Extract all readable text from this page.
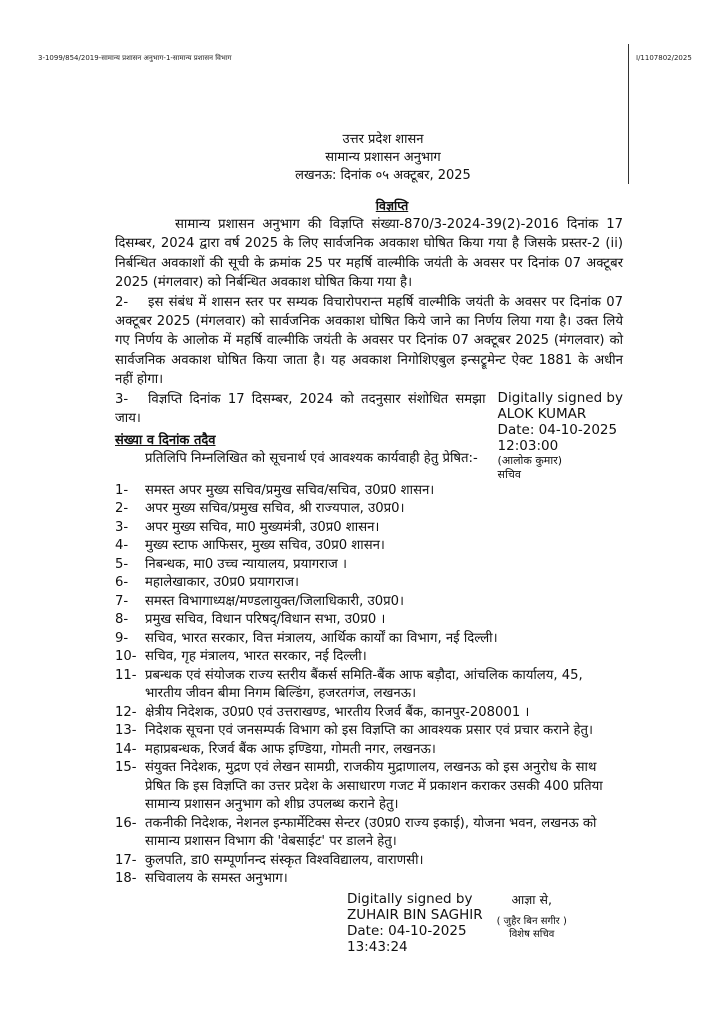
3-1099/854/2019-सामान्य प्रशासन अनुभाग-1-सामान्य प्रशासन विभाग	I/1107802/2025
उत्तर प्रदेश शासन
सामान्य प्रशासन अनुभाग
लखनऊ: दिनांक ०५ अक्टूबर, 2025
विज्ञप्ति
सामान्य प्रशासन अनुभाग की विज्ञप्ति संख्या-870/3-2024-39(2)-2016 दिनांक 17 दिसम्बर, 2024 द्वारा वर्ष 2025 के लिए सार्वजनिक अवकाश घोषित किया गया है जिसके प्रस्तर-2 (ii) निर्बन्धित अवकाशों की सूची के क्रमांक 25 पर महर्षि वाल्मीकि जयंती के अवसर पर दिनांक 07 अक्टूबर 2025 (मंगलवार) को निर्बन्धित अवकाश घोषित किया गया है।
2- इस संबंध में शासन स्तर पर सम्यक विचारोपरान्त महर्षि वाल्मीकि जयंती के अवसर पर दिनांक 07 अक्टूबर 2025 (मंगलवार) को सार्वजनिक अवकाश घोषित किये जाने का निर्णय लिया गया है। उक्त लिये गए निर्णय के आलोक में महर्षि वाल्मीकि जयंती के अवसर पर दिनांक 07 अक्टूबर 2025 (मंगलवार) को सार्वजनिक अवकाश घोषित किया जाता है। यह अवकाश निगोशिएबुल इन्सट्रूमेन्ट ऐक्ट 1881 के अधीन नहीं होगा।
3- विज्ञप्ति दिनांक 17 दिसम्बर, 2024 को तदनुसार संशोधित समझा जाय।
संख्या व दिनांक तदैव
प्रतिलिपि निम्नलिखित को सूचनार्थ एवं आवश्यक कार्यवाही हेतु प्रेषित:-
Digitally signed by
ALOK KUMAR
Date: 04-10-2025
12:03:00
(आलोक कुमार)
सचिव
1-	समस्त अपर मुख्य सचिव/प्रमुख सचिव/सचिव, उ0प्र0 शासन।
2-	अपर मुख्य सचिव/प्रमुख सचिव, श्री राज्यपाल, उ0प्र0।
3-	अपर मुख्य सचिव, मा0 मुख्यमंत्री, उ0प्र0 शासन।
4-	मुख्य स्टाफ आफिसर, मुख्य सचिव, उ0प्र0 शासन।
5-	निबन्धक, मा0 उच्च न्यायालय, प्रयागराज ।
6-	महालेखाकार, उ0प्र0 प्रयागराज।
7-	समस्त विभागाध्यक्ष/मण्डलायुक्त/जिलाधिकारी, उ0प्र0।
8-	प्रमुख सचिव, विधान परिषद्/विधान सभा, उ0प्र0 ।
9-	सचिव, भारत सरकार, वित्त मंत्रालय, आर्थिक कार्यों का विभाग, नई दिल्ली।
10- सचिव, गृह मंत्रालय, भारत सरकार, नई दिल्ली।
11- प्रबन्धक एवं संयोजक राज्य स्तरीय बैंकर्स समिति-बैंक आफ बड़ौदा, आंचलिक कार्यालय, 45, भारतीय जीवन बीमा निगम बिल्डिंग, हजरतगंज, लखनऊ।
12- क्षेत्रीय निदेशक, उ0प्र0 एवं उत्तराखण्ड, भारतीय रिजर्व बैंक, कानपुर-208001 ।
13- निदेशक सूचना एवं जनसम्पर्क विभाग को इस विज्ञप्ति का आवश्यक प्रसार एवं प्रचार कराने हेतु।
14- महाप्रबन्धक, रिजर्व बैंक आफ इण्डिया, गोमती नगर, लखनऊ।
15- संयुक्त निदेशक, मुद्रण एवं लेखन सामग्री, राजकीय मुद्राणालय, लखनऊ को इस अनुरोध के साथ प्रेषित कि इस विज्ञप्ति का उत्तर प्रदेश के असाधारण गजट में प्रकाशन कराकर उसकी 400 प्रतिया सामान्य प्रशासन अनुभाग को शीघ्र उपलब्ध कराने हेतु।
16- तकनीकी निदेशक, नेशनल इन्फार्मेटिक्स सेन्टर (उ0प्र0 राज्य इकाई), योजना भवन, लखनऊ को सामान्य प्रशासन विभाग की 'वेबसाईट' पर डालने हेतु।
17- कुलपति, डा0 सम्पूर्णानन्द संस्कृत विश्वविद्यालय, वाराणसी।
18- सचिवालय के समस्त अनुभाग।
Digitally signed by
ZUHAIR BIN SAGHIR
Date: 04-10-2025
13:43:24
आज्ञा से,
( जुहैर बिन सगीर )
विशेष सचिव
